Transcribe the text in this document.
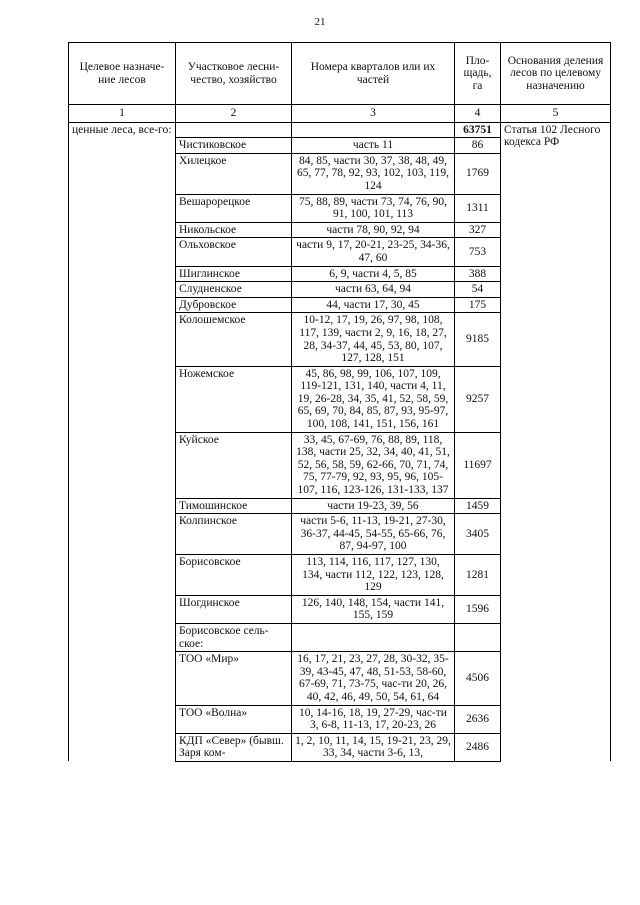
21
Целевое назначе-ние лесов	Участковое лесни-чество, хозяйство	Номера кварталов или их частей	Пло-щадь, га	Основания деления лесов по целевому назначению
1	2	3	4	5
ценные леса, все-го:			63751	Статья 102 Лесного кодекса РФ
	Чистиковское	часть 11	86	
	Хилецкое	84, 85, части 30, 37, 38, 48, 49, 65, 77, 78, 92, 93, 102, 103, 119, 124	1769	
	Вешарорецкое	75, 88, 89, части 73, 74, 76, 90, 91, 100, 101, 113	1311	
	Никольское	части 78, 90, 92, 94	327	
	Ольховское	части 9, 17, 20-21, 23-25, 34-36, 47, 60	753	
	Шиглинское	6, 9, части 4, 5, 85	388	
	Слудненское	части 63, 64, 94	54	
	Дубровское	44, части 17, 30, 45	175	
	Колошемское	10-12, 17, 19, 26, 97, 98, 108, 117, 139, части 2, 9, 16, 18, 27, 28, 34-37, 44, 45, 53, 80, 107, 127, 128, 151	9185	
	Ножемское	45, 86, 98, 99, 106, 107, 109, 119-121, 131, 140, части 4, 11, 19, 26-28, 34, 35, 41, 52, 58, 59, 65, 69, 70, 84, 85, 87, 93, 95-97, 100, 108, 141, 151, 156, 161	9257	
	Куйское	33, 45, 67-69, 76, 88, 89, 118, 138, части 25, 32, 34, 40, 41, 51, 52, 56, 58, 59, 62-66, 70, 71, 74, 75, 77-79, 92, 93, 95, 96, 105-107, 116, 123-126, 131-133, 137	11697	
	Тимошинское	части 19-23, 39, 56	1459	
	Колпинское	части 5-6, 11-13, 19-21, 27-30, 36-37, 44-45, 54-55, 65-66, 76, 87, 94-97, 100	3405	
	Борисовское	113, 114, 116, 117, 127, 130, 134, части 112, 122, 123, 128, 129	1281	
	Шогдинское	126, 140, 148, 154, части 141, 155, 159	1596	
	Борисовское сель-ское:			
	ТОО «Мир»	16, 17, 21, 23, 27, 28, 30-32, 35-39, 43-45, 47, 48, 51-53, 58-60, 67-69, 71, 73-75, час-ти 20, 26, 40, 42, 46, 49, 50, 54, 61, 64	4506	
	ТОО «Волна»	10, 14-16, 18, 19, 27-29, час-ти 3, 6-8, 11-13, 17, 20-23, 26	2636	
	КДП «Север» (бывш. Заря ком-	1, 2, 10, 11, 14, 15, 19-21, 23, 29, 33, 34, части 3-6, 13,	2486	
